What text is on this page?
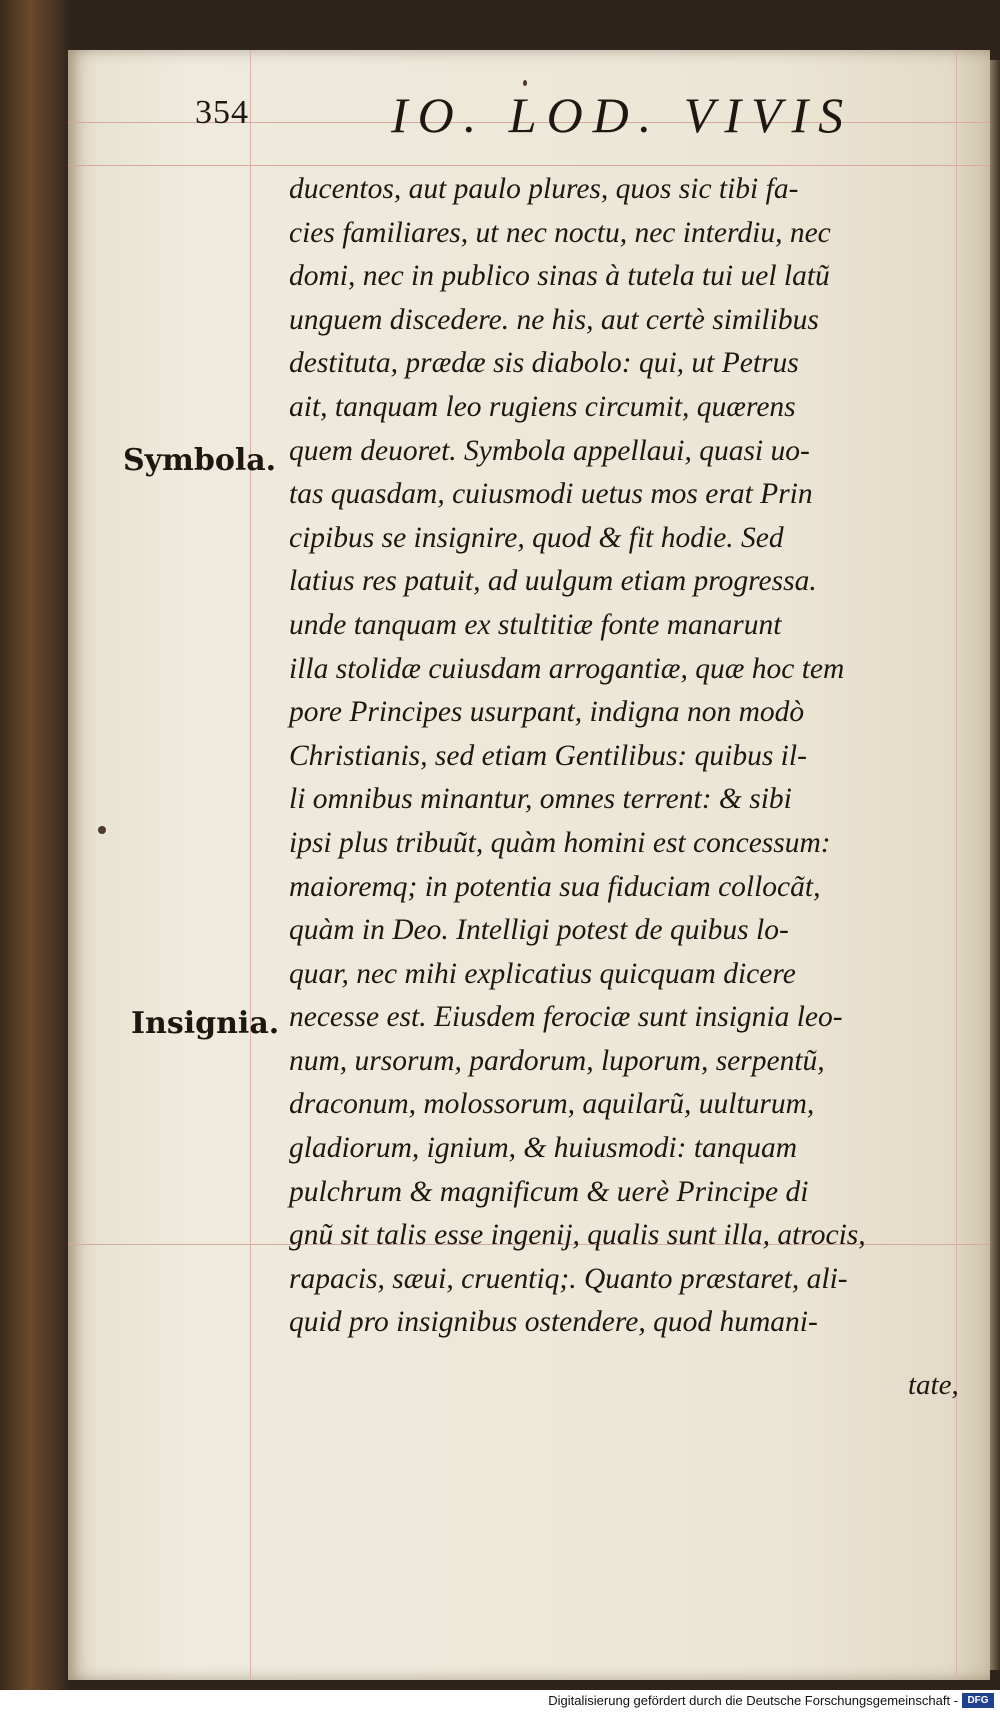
354	IO. LOD. VIVIS
Symbola.
Insignia.
ducentos, aut paulo plures, quos sic tibi fa-
cies familiares, ut nec noctu, nec interdiu, nec
domi, nec in publico sinas à tutela tui uel latũ
unguem discedere. ne his, aut certè similibus
destituta, prædæ sis diabolo: qui, ut Petrus
ait, tanquam leo rugiens circumit, quærens
quem deuoret. Symbola appellaui, quasi uo-
tas quasdam, cuiusmodi uetus mos erat Prin
cipibus se insignire, quod & fit hodie. Sed
latius res patuit, ad uulgum etiam progressa.
unde tanquam ex stultitiæ fonte manarunt
illa stolidæ cuiusdam arrogantiæ, quæ hoc tem
pore Principes usurpant, indigna non modò
Christianis, sed etiam Gentilibus: quibus il-
li omnibus minantur, omnes terrent: & sibi
ipsi plus tribuũt, quàm homini est concessum:
maioremq; in potentia sua fiduciam collocãt,
quàm in Deo. Intelligi potest de quibus lo-
quar, nec mihi explicatius quicquam dicere
necesse est. Eiusdem ferociæ sunt insignia leo-
num, ursorum, pardorum, luporum, serpentũ,
draconum, molossorum, aquilarũ, uulturum,
gladiorum, ignium, & huiusmodi: tanquam
pulchrum & magnificum & uerè Principe di
gnũ sit talis esse ingenij, qualis sunt illa, atrocis,
rapacis, sæui, cruentiq;. Quanto præstaret, ali-
quid pro insignibus ostendere, quod humani-
tate,
Digitalisierung gefördert durch die Deutsche Forschungsgemeinschaft - DFG
